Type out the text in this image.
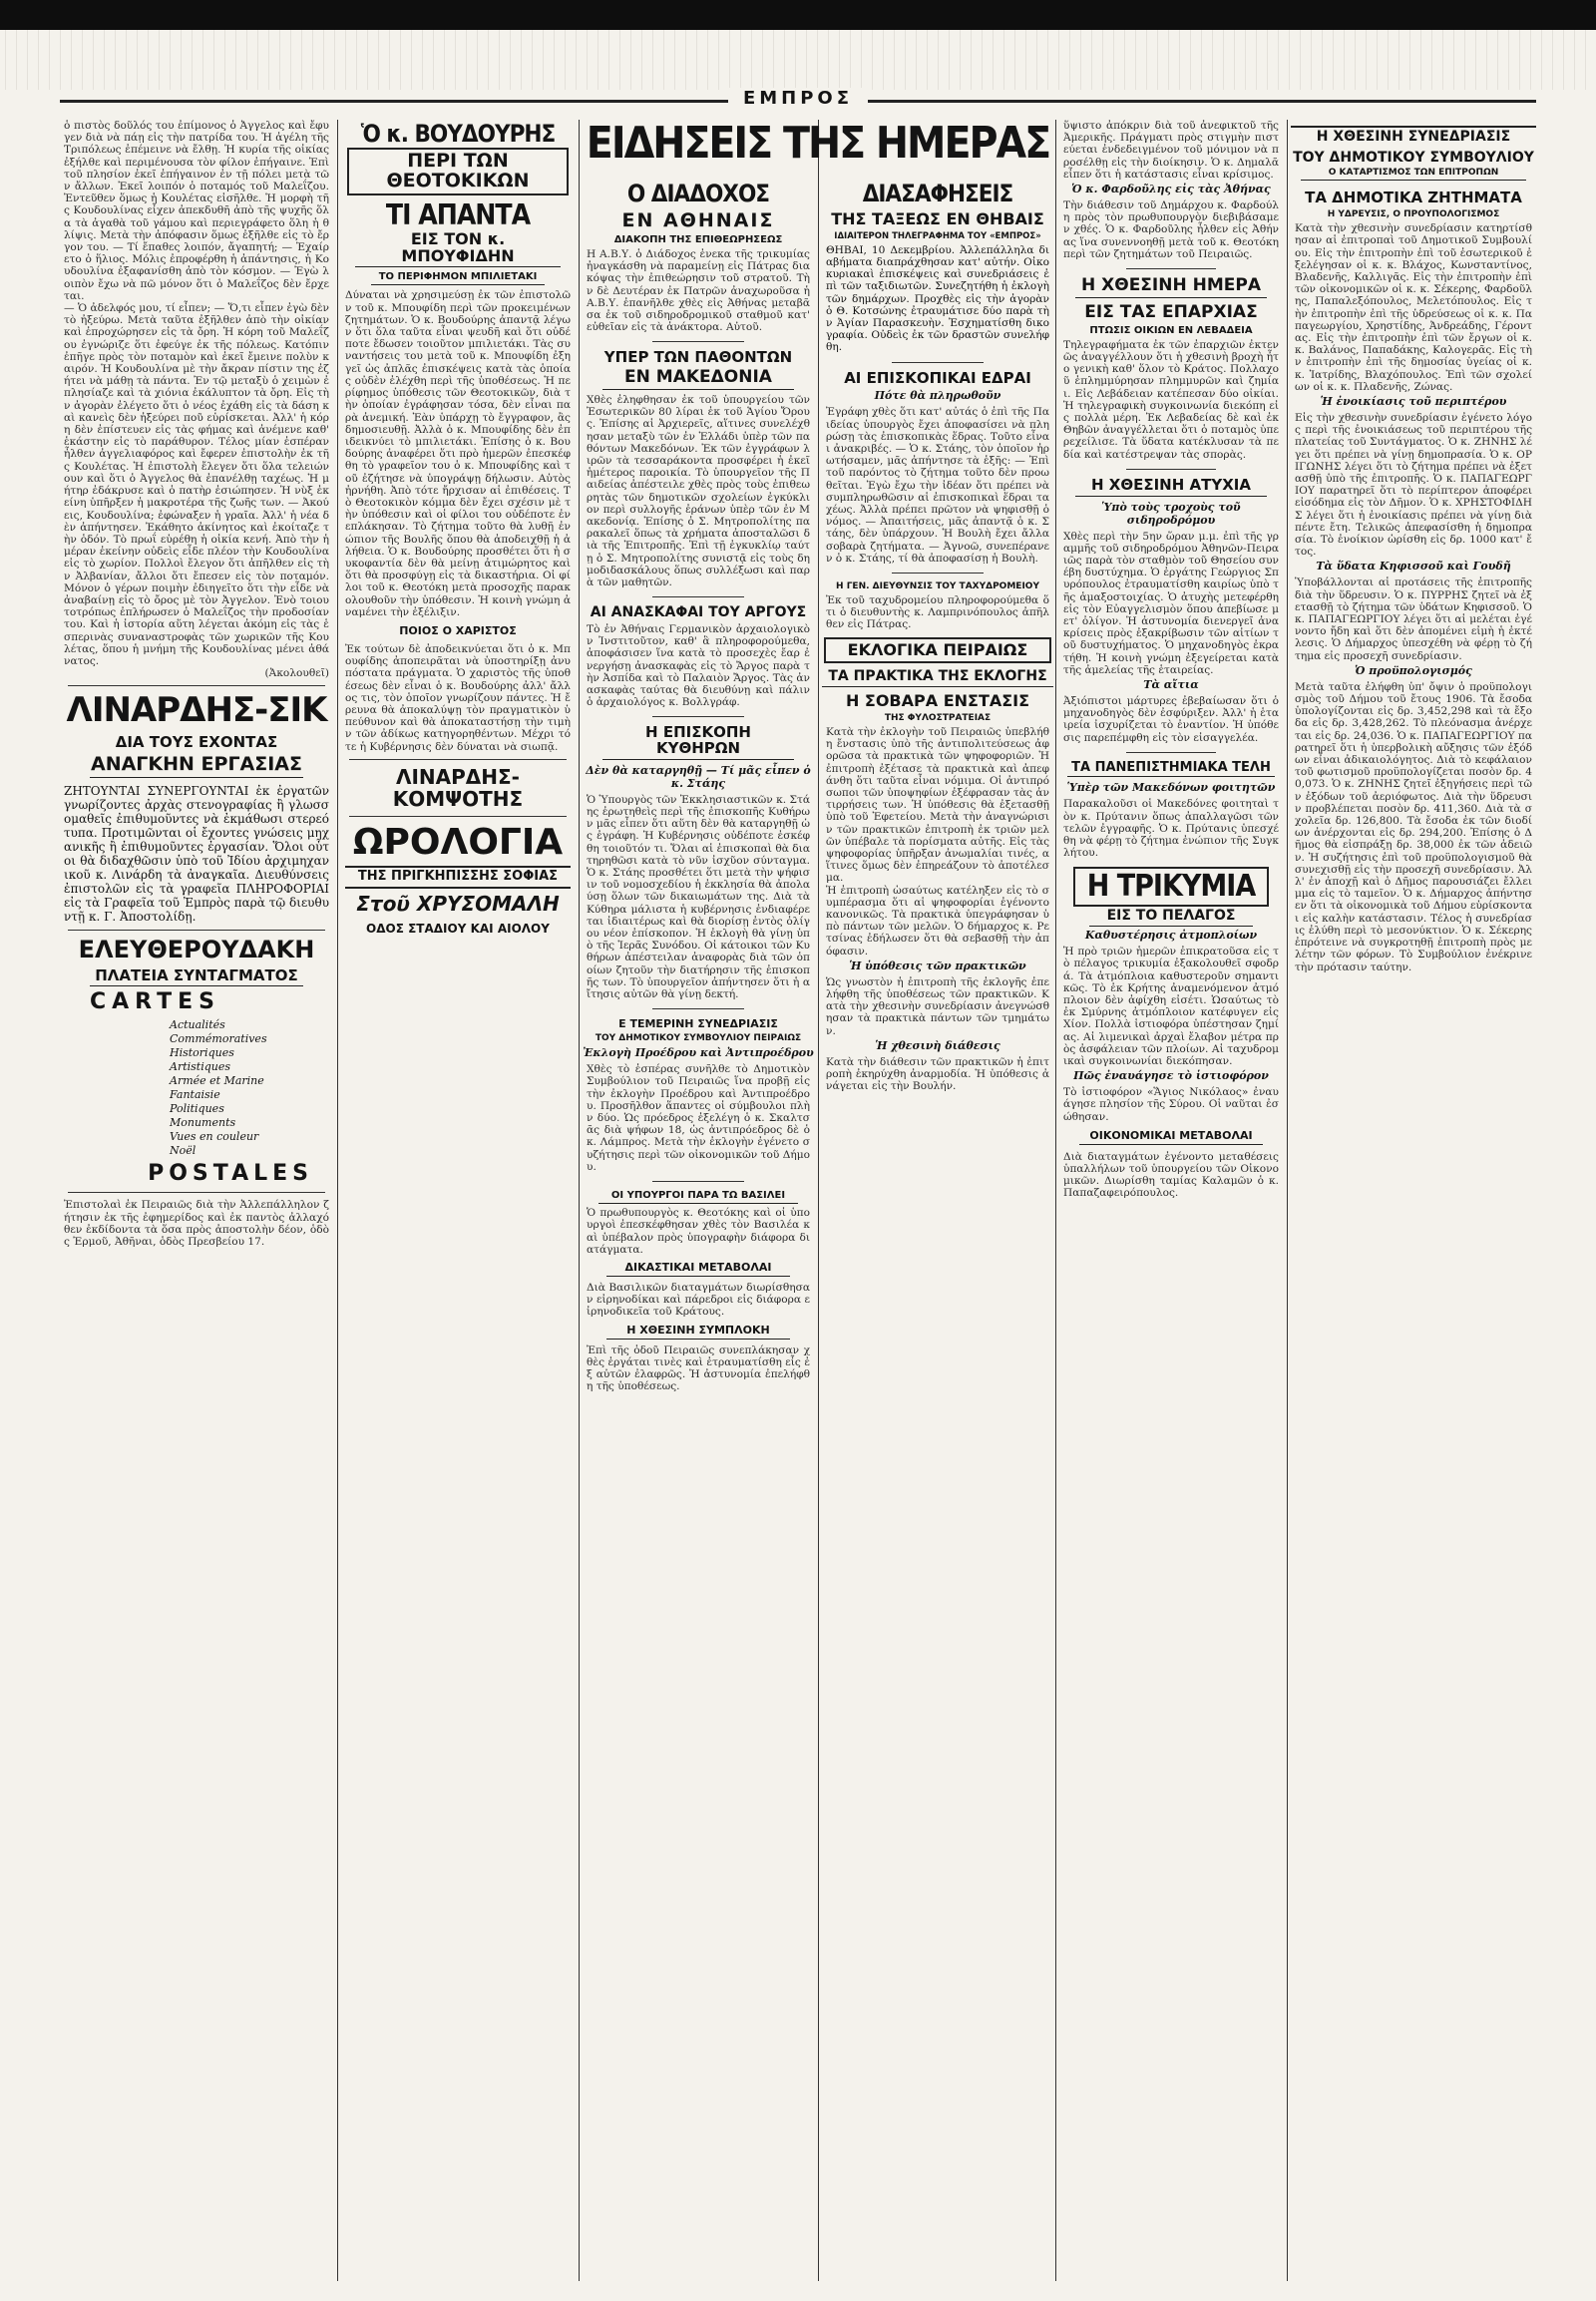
ΕΜΠΡΟΣ

ὁ πιστὸς δοῦλός του ἐπίμονος ὁ Ἀγγελος καὶ ἔφυγεν διὰ νὰ πάῃ εἰς τὴν πατρίδα του. Ἡ ἀγέλη τῆς Τριπόλεως ἐπέμεινε νὰ ἔλθῃ. Ἡ κυρία τῆς οἰκίας ἐξήλθε καὶ περιμένουσα τὸν φίλον ἐπήγαινε. Ἐπὶ τοῦ πλησίον ἐκεῖ ἐπήγαινον ἐν τῇ πόλει μετὰ τῶν ἄλλων. Ἐκεῖ λοιπόν ὁ ποταμός τοῦ Μαλεΐζου. Ἐντεῦθεν ὅμως ἡ Κουλέτας εἰσῆλθε. Ἡ μορφὴ τῆς Κουδουλίνας εἶχεν ἀπεκδυθῆ ἀπὸ τῆς ψυχῆς ὅλα τὰ ἀγαθὰ τοῦ γάμου καὶ περιεγράφετο ὅλη ἡ θλίψις. Μετὰ τὴν ἀπόφασιν ὅμως ἐξῆλθε εἰς τὸ ἔργον του. — Τί ἔπαθες λοιπόν, ἄγαπητή; — Ἐχαίρετο ὁ ἥλιος. Μόλις ἐπροφέρθη ἡ ἀπάντησις, ἡ Κουδουλίνα ἐξαφανίσθη ἀπὸ τὸν κόσμον. — Ἐγὼ λοιπὸν ἔχω νὰ πῶ μόνον ὅτι ὁ Μαλεΐζος δὲν ἔρχεται.

— Ὁ ἀδελφός μου, τί εἶπεν; — Ὅ,τι εἶπεν ἐγὼ δὲν τὸ ἠξεύρω. Μετὰ ταῦτα ἐξῆλθεν ἀπὸ τὴν οἰκίαν καὶ ἐπροχώρησεν εἰς τὰ ὄρη. Ἡ κόρη τοῦ Μαλεΐζου ἐγνώριζε ὅτι ἐφεύγε ἐκ τῆς πόλεως. Κατόπιν ἐπῆγε πρὸς τὸν ποταμὸν καὶ ἐκεῖ ἔμεινε πολὺν καιρόν. Ἡ Κουδουλίνα μὲ τὴν ἄκραν πίστιν της ἐζήτει νὰ μάθῃ τὰ πάντα. Ἐν τῷ μεταξὺ ὁ χειμὼν ἐπλησίαζε καὶ τὰ χιόνια ἐκάλυπτον τὰ ὄρη. Εἰς τὴν ἀγορὰν ἐλέγετο ὅτι ὁ νέος ἐχάθη εἰς τὰ δάση καὶ κανεὶς δὲν ἠξεύρει ποῦ εὑρίσκεται. Ἀλλ' ἡ κόρη δὲν ἐπίστευεν εἰς τὰς φήμας καὶ ἀνέμενε καθ' ἑκάστην εἰς τὸ παράθυρον. Τέλος μίαν ἑσπέραν ἦλθεν ἀγγελιαφόρος καὶ ἔφερεν ἐπιστολὴν ἐκ τῆς Κουλέτας. Ἡ ἐπιστολὴ ἔλεγεν ὅτι ὅλα τελειώνουν καὶ ὅτι ὁ Ἀγγελος θὰ ἐπανέλθῃ ταχέως. Ἡ μήτηρ ἐδάκρυσε καὶ ὁ πατὴρ ἐσιώπησεν. Ἡ νὺξ ἐκείνη ὑπῆρξεν ἡ μακροτέρα τῆς ζωῆς των. — Ἀκούεις, Κουδουλίνα; ἐφώναξεν ἡ γραῖα. Ἀλλ' ἡ νέα δὲν ἀπήντησεν. Ἐκάθητο ἀκίνητος καὶ ἐκοίταζε τὴν ὁδόν. Τὸ πρωΐ εὑρέθη ἡ οἰκία κενή. Ἀπὸ τὴν ἡμέραν ἐκείνην οὐδεὶς εἶδε πλέον τὴν Κουδουλίνα εἰς τὸ χωρίον. Πολλοὶ ἔλεγον ὅτι ἀπῆλθεν εἰς τὴν Ἀλβανίαν, ἄλλοι ὅτι ἔπεσεν εἰς τὸν ποταμόν. Μόνον ὁ γέρων ποιμὴν ἐδιηγεῖτο ὅτι τὴν εἶδε νὰ ἀναβαίνῃ εἰς τὸ ὄρος μὲ τὸν Ἀγγελον. Ἐνὸ τοιουτοτρόπως ἐπλήρωσεν ὁ Μαλεΐζος τὴν προδοσίαν του. Καὶ ἡ ἱστορία αὕτη λέγεται ἀκόμη εἰς τὰς ἑσπερινὰς συναναστροφὰς τῶν χωρικῶν τῆς Κουλέτας, ὅπου ἡ μνήμη τῆς Κουδουλίνας μένει ἀθάνατος.

(Ἀκολουθεῖ)

ΛΙΝΑΡΔΗΣ-ΣΙΚ
ΔΙΑ ΤΟΥΣ ΕΧΟΝΤΑΣ
ΑΝΑΓΚΗΝ ΕΡΓΑΣΙΑΣ

ΖΗΤΟΥΝΤΑΙ ΣΥΝΕΡΓΟΥΝΤΑΙ ἐκ ἐργατῶν γνωρίζοντες ἀρχὰς στενογραφίας ἢ γλωσσομαθεῖς ἐπιθυμοῦντες νὰ ἐκμάθωσι στερεότυπα. Προτιμῶνται οἱ ἔχοντες γνώσεις μηχανικῆς ἢ ἐπιθυμοῦντες ἐργασίαν. Ὅλοι οὗτοι θὰ διδαχθῶσιν ὑπὸ τοῦ Ἰδίου ἀρχιμηχανικοῦ κ. Λινάρδη τὰ ἀναγκαῖα. Διευθύνσεις ἐπιστολῶν εἰς τὰ γραφεῖα ΠΛΗΡΟΦΟΡΙΑΙ εἰς τὰ Γραφεῖα τοῦ Ἐμπρὸς παρὰ τῷ διευθυντῇ κ. Γ. Ἀποστολίδῃ.

ΕΛΕΥΘΕΡΟΥΔΑΚΗ
ΠΛΑΤΕΙΑ ΣΥΝΤΑΓΜΑΤΟΣ
CARTES
Actualités
Commémoratives
Historiques
Artistiques
Armée et Marine
Fantaisie
Politiques
Monuments
Vues en couleur
Noël
POSTALES

Ἐπιστολαὶ ἐκ Πειραιῶς διὰ τὴν Ἀλλεπάλληλον ζήτησιν ἐκ τῆς ἐφημερίδος καὶ ἐκ παντὸς ἀλλαχόθεν ἐκδίδοντα τὰ ὅσα πρὸς ἀποστολὴν δέον, ὁδὸς Ἐρμοῦ, Ἀθῆναι, ὁδὸς Πρεσβείου 17.

Ὁ κ. ΒΟΥΔΟΥΡΗΣ
ΠΕΡΙ ΤΩΝ ΘΕΟΤΟΚΙΚΩΝ
ΤΙ ΑΠΑΝΤΑ
ΕΙΣ ΤΟΝ κ. ΜΠΟΥΦΙΔΗΝ
ΤΟ ΠΕΡΙΦΗΜΟΝ ΜΠΙΛΙΕΤΑΚΙ

Δύναται νὰ χρησιμεύσῃ ἐκ τῶν ἐπιστολῶν τοῦ κ. Μπουφίδη περὶ τῶν προκειμένων ζητημάτων. Ὁ κ. Βουδούρης ἀπαντᾷ λέγων ὅτι ὅλα ταῦτα εἶναι ψευδῆ καὶ ὅτι οὐδέποτε ἔδωσεν τοιοῦτον μπιλιετάκι. Τὰς συναντήσεις του μετὰ τοῦ κ. Μπουφίδη ἐξηγεῖ ὡς ἀπλᾶς ἐπισκέψεις κατὰ τὰς ὁποίας οὐδὲν ἐλέχθη περὶ τῆς ὑποθέσεως. Ἡ περίφημος ὑπόθεσις τῶν Θεοτοκικῶν, διὰ τὴν ὁποίαν ἐγράφησαν τόσα, δὲν εἶναι παρὰ ἀνεμική. Ἐὰν ὑπάρχῃ τὸ ἔγγραφον, ἂς δημοσιευθῇ. Ἀλλὰ ὁ κ. Μπουφίδης δὲν ἐπιδεικνύει τὸ μπιλιετάκι. Ἐπίσης ὁ κ. Βουδούρης ἀναφέρει ὅτι πρὸ ἡμερῶν ἐπεσκέφθη τὸ γραφεῖον του ὁ κ. Μπουφίδης καὶ τοῦ ἐζήτησε νὰ ὑπογράψῃ δήλωσιν. Αὐτὸς ἠρνήθη. Ἀπὸ τότε ἤρχισαν αἱ ἐπιθέσεις. Τὸ Θεοτοκικὸν κόμμα δὲν ἔχει σχέσιν μὲ τὴν ὑπόθεσιν καὶ οἱ φίλοι του οὐδέποτε ἐνεπλάκησαν. Τὸ ζήτημα τοῦτο θὰ λυθῇ ἐνώπιον τῆς Βουλῆς ὅπου θὰ ἀποδειχθῇ ἡ ἀλήθεια. Ὁ κ. Βουδούρης προσθέτει ὅτι ἡ συκοφαντία δὲν θὰ μείνῃ ἀτιμώρητος καὶ ὅτι θὰ προσφύγῃ εἰς τὰ δικαστήρια. Οἱ φίλοι τοῦ κ. Θεοτόκη μετὰ προσοχῆς παρακολουθοῦν τὴν ὑπόθεσιν. Ἡ κοινὴ γνώμη ἀναμένει τὴν ἐξέλιξιν.

ΠΟΙΟΣ Ο ΧΑΡΙΣΤΟΣ

Ἐκ τούτων δὲ ἀποδεικνύεται ὅτι ὁ κ. Μπουφίδης ἀποπειρᾶται νὰ ὑποστηρίξῃ ἀνυπόστατα πράγματα. Ὁ χαριστὸς τῆς ὑποθέσεως δὲν εἶναι ὁ κ. Βουδούρης ἀλλ' ἄλλος τις, τὸν ὁποῖον γνωρίζουν πάντες. Ἡ ἔρευνα θὰ ἀποκαλύψῃ τὸν πραγματικὸν ὑπεύθυνον καὶ θὰ ἀποκαταστήσῃ τὴν τιμὴν τῶν ἀδίκως κατηγορηθέντων. Μέχρι τότε ἡ Κυβέρνησις δὲν δύναται νὰ σιωπᾷ.

ΛΙΝΑΡΔΗΣ-ΚΟΜΨΟΤΗΣ
ΩΡΟΛΟΓΙΑ
ΤΗΣ ΠΡΙΓΚΗΠΙΣΣΗΣ ΣΟΦΙΑΣ
Στοῦ ΧΡΥΣΟΜΑΛΗ
ΟΔΟΣ ΣΤΑΔΙΟΥ ΚΑΙ ΑΙΟΛΟΥ
ΕΙΔΗΣΕΙΣ ΤΗΣ ΗΜΕΡΑΣ
Ο ΔΙΑΔΟΧΟΣ
ΕΝ ΑΘΗΝΑΙΣ
ΔΙΑΚΟΠΗ ΤΗΣ ΕΠΙΘΕΩΡΗΣΕΩΣ

Η Α.Β.Υ. ὁ Διάδοχος ἐνεκα τῆς τρικυμίας ἠναγκάσθη νὰ παραμείνῃ εἰς Πάτρας διακόψας τὴν ἐπιθεώρησιν τοῦ στρατοῦ. Τὴν δὲ Δευτέραν ἐκ Πατρῶν ἀναχωροῦσα ἡ Α.Β.Υ. ἐπανῆλθε χθὲς εἰς Ἀθήνας μεταβᾶσα ἐκ τοῦ σιδηροδρομικοῦ σταθμοῦ κατ' εὐθεῖαν εἰς τὰ ἀνάκτορα. Αὐτοῦ.

ΥΠΕΡ ΤΩΝ ΠΑΘΟΝΤΩΝ
ΕΝ ΜΑΚΕΔΟΝΙΑ

Χθὲς ἐληφθησαν ἐκ τοῦ ὑπουργείου τῶν Ἐσωτερικῶν 80 λίραι ἐκ τοῦ Ἁγίου Ὄρους. Ἐπίσης αἱ Ἀρχιερεῖς, αἵτινες συνελέχθησαν μεταξὺ τῶν ἐν Ἑλλάδι ὑπὲρ τῶν παθόντων Μακεδόνων. Ἐκ τῶν ἐγγράφων λιρῶν τὰ τεσσαράκοντα προσφέρει ἡ ἐκεῖ ἡμέτερος παροικία. Τὸ ὑπουργεῖον τῆς Παιδείας ἀπέστειλε χθὲς πρὸς τοὺς ἐπιθεωρητὰς τῶν δημοτικῶν σχολείων ἐγκύκλιον περὶ συλλογῆς ἐράνων ὑπὲρ τῶν ἐν Μακεδονίᾳ. Ἐπίσης ὁ Σ. Μητροπολίτης παρακαλεῖ ὅπως τὰ χρήματα ἀποσταλῶσι διὰ τῆς Ἐπιτροπῆς. Ἐπὶ τῇ ἐγκυκλίῳ ταύτῃ ὁ Σ. Μητροπολίτης συνιστᾷ εἰς τοὺς δημοδιδασκάλους ὅπως συλλέξωσι καὶ παρὰ τῶν μαθητῶν.

ΑΙ ΑΝΑΣΚΑΦΑΙ ΤΟΥ ΑΡΓΟΥΣ

Τὸ ἐν Ἀθήναις Γερμανικὸν ἀρχαιολογικὸν Ἰνστιτοῦτον, καθ' ἃ πληροφορούμεθα, ἀποφάσισεν ἵνα κατὰ τὸ προσεχὲς ἔαρ ἐνεργήσῃ ἀνασκαφὰς εἰς τὸ Ἄργος παρὰ τὴν Ἀσπίδα καὶ τὸ Παλαιὸν Ἄργος. Τὰς ἀνασκαφὰς ταύτας θὰ διευθύνῃ καὶ πάλιν ὁ ἀρχαιολόγος κ. Βολλγράφ.

Η ΕΠΙΣΚΟΠΗ ΚΥΘΗΡΩΝ
Δὲν θὰ καταργηθῇ — Τί μᾶς εἶπεν ὁ κ. Στάης

Ὁ Ὑπουργὸς τῶν Ἐκκλησιαστικῶν κ. Στάης ἐρωτηθεὶς περὶ τῆς ἐπισκοπῆς Κυθήρων μᾶς εἶπεν ὅτι αὕτη δὲν θὰ καταργηθῇ ὡς ἐγράφη. Ἡ Κυβέρνησις οὐδέποτε ἐσκέφθη τοιοῦτόν τι. Ὅλαι αἱ ἐπισκοπαὶ θὰ διατηρηθῶσι κατὰ τὸ νῦν ἰσχῦον σύνταγμα. Ὁ κ. Στάης προσθέτει ὅτι μετὰ τὴν ψήφισιν τοῦ νομοσχεδίου ἡ ἐκκλησία θὰ ἀπολαύσῃ ὅλων τῶν δικαιωμάτων της. Διὰ τὰ Κύθηρα μάλιστα ἡ κυβέρνησις ἐνδιαφέρεται ἰδιαιτέρως καὶ θὰ διορίσῃ ἐντὸς ὀλίγου νέον ἐπίσκοπον. Ἡ ἐκλογὴ θὰ γίνῃ ὑπὸ τῆς Ἱερᾶς Συνόδου. Οἱ κάτοικοι τῶν Κυθήρων ἀπέστειλαν ἀναφορὰς διὰ τῶν ὁποίων ζητοῦν τὴν διατήρησιν τῆς ἐπισκοπῆς των. Τὸ ὑπουργεῖον ἀπήντησεν ὅτι ἡ αἴτησις αὐτῶν θὰ γίνῃ δεκτή.

Ε ΤΕΜΕΡΙΝΗ ΣΥΝΕΔΡΙΑΣΙΣ
ΤΟΥ ΔΗΜΟΤΙΚΟΥ ΣΥΜΒΟΥΛΙΟΥ ΠΕΙΡΑΙΩΣ
Ἐκλογὴ Προέδρου καὶ Ἀντιπροέδρου

Χθὲς τὸ ἑσπέρας συνῆλθε τὸ Δημοτικὸν Συμβούλιον τοῦ Πειραιῶς ἵνα προβῇ εἰς τὴν ἐκλογὴν Προέδρου καὶ Ἀντιπροέδρου. Προσῆλθον ἅπαντες οἱ σύμβουλοι πλὴν δύο. Ὡς πρόεδρος ἐξελέγη ὁ κ. Σκαλτσᾶς διὰ ψήφων 18, ὡς ἀντιπρόεδρος δὲ ὁ κ. Λάμπρος. Μετὰ τὴν ἐκλογὴν ἐγένετο συζήτησις περὶ τῶν οἰκονομικῶν τοῦ Δήμου.

ΟΙ ΥΠΟΥΡΓΟΙ ΠΑΡΑ ΤΩ ΒΑΣΙΛΕΙ

Ὁ πρωθυπουργὸς κ. Θεοτόκης καὶ οἱ ὑπουργοὶ ἐπεσκέφθησαν χθὲς τὸν Βασιλέα καὶ ὑπέβαλον πρὸς ὑπογραφὴν διάφορα διατάγματα.

ΔΙΚΑΣΤΙΚΑΙ ΜΕΤΑΒΟΛΑΙ

Διὰ Βασιλικῶν διαταγμάτων διωρίσθησαν εἰρηνοδίκαι καὶ πάρεδροι εἰς διάφορα εἰρηνοδικεῖα τοῦ Κράτους.

Η ΧΘΕΣΙΝΗ ΣΥΜΠΛΟΚΗ

Ἐπὶ τῆς ὁδοῦ Πειραιῶς συνεπλάκησαν χθὲς ἐργάται τινὲς καὶ ἐτραυματίσθη εἷς ἐξ αὐτῶν ἐλαφρῶς. Ἡ ἀστυνομία ἐπελήφθη τῆς ὑποθέσεως.

ΔΙΑΣΑΦΗΣΕΙΣ
ΤΗΣ ΤΑΞΕΩΣ ΕΝ ΘΗΒΑΙΣ
ΙΔΙΑΙΤΕΡΟΝ ΤΗΛΕΓΡΑΦΗΜΑ ΤΟΥ «ΕΜΠΡΟΣ»

ΘΗΒΑΙ, 10 Δεκεμβρίου. Ἀλλεπάλληλα διαβήματα διαπράχθησαν κατ' αὐτήν. Οἰκοκυριακαὶ ἐπισκέψεις καὶ συνεδριάσεις ἐπὶ τῶν ταξιδιωτῶν. Συνεζητήθη ἡ ἐκλογὴ τῶν δημάρχων. Προχθὲς εἰς τὴν ἀγορὰν ὁ Θ. Κοτσώνης ἐτραυμάτισε δύο παρὰ τὴν Ἀγίαν Παρασκευὴν. Ἐσχηματίσθη δικογραφία. Οὐδεὶς ἐκ τῶν δραστῶν συνελήφθη.

ΑΙ ΕΠΙΣΚΟΠΙΚΑΙ ΕΔΡΑΙ
Πότε θὰ πληρωθοῦν

Ἐγράφη χθὲς ὅτι κατ' αὐτάς ὁ ἐπὶ τῆς Παιδείας ὑπουργὸς ἔχει ἀποφασίσει νὰ πληρώσῃ τὰς ἐπισκοπικὰς ἕδρας. Τοῦτο εἶναι ἀνακριβές. — Ὁ κ. Στάης, τὸν ὁποῖον ἠρωτήσαμεν, μᾶς ἀπήντησε τὰ ἑξῆς: — Ἐπὶ τοῦ παρόντος τὸ ζήτημα τοῦτο δὲν προωθεῖται. Ἐγὼ ἔχω τὴν ἰδέαν ὅτι πρέπει νὰ συμπληρωθῶσιν αἱ ἐπισκοπικαὶ ἕδραι ταχέως. Ἀλλὰ πρέπει πρῶτον νὰ ψηφισθῇ ὁ νόμος. — Ἀπαιτήσεις, μᾶς ἀπαντᾷ ὁ κ. Στάης, δὲν ὑπάρχουν. Ἡ Βουλὴ ἔχει ἄλλα σοβαρὰ ζητήματα. — Ἀγνοῶ, συνεπέρανεν ὁ κ. Στάης, τί θὰ ἀποφασίσῃ ἡ Βουλὴ.

Η ΓΕΝ. ΔΙΕΥΘΥΝΣΙΣ ΤΟΥ ΤΑΧΥΔΡΟΜΕΙΟΥ

Ἐκ τοῦ ταχυδρομείου πληροφορούμεθα ὅτι ὁ διευθυντὴς κ. Λαμπρινόπουλος ἀπῆλθεν εἰς Πάτρας.

ΕΚΛΟΓΙΚΑ ΠΕΙΡΑΙΩΣ
ΤΑ ΠΡΑΚΤΙΚΑ ΤΗΣ ΕΚΛΟΓΗΣ
Η ΣΟΒΑΡΑ ΕΝΣΤΑΣΙΣ
ΤΗΣ ΦΥΛΟΣΤΡΑΤΕΙΑΣ

Κατὰ τὴν ἐκλογὴν τοῦ Πειραιῶς ὑπεβλήθη ἔνστασις ὑπὸ τῆς ἀντιπολιτεύσεως ἀφορῶσα τὰ πρακτικὰ τῶν ψηφοφοριῶν. Ἡ ἐπιτροπὴ ἐξέτασε τὰ πρακτικὰ καὶ ἀπεφάνθη ὅτι ταῦτα εἶναι νόμιμα. Οἱ ἀντιπρόσωποι τῶν ὑποψηφίων ἐξέφρασαν τὰς ἀντιρρήσεις των. Ἡ ὑπόθεσις θὰ ἐξετασθῇ ὑπὸ τοῦ Ἐφετείου. Μετὰ τὴν ἀναγνώρισιν τῶν πρακτικῶν ἐπιτροπὴ ἐκ τριῶν μελῶν ὑπέβαλε τὰ πορίσματα αὐτῆς. Εἰς τὰς ψηφοφορίας ὑπῆρξαν ἀνωμαλίαι τινές, αἵτινες ὅμως δὲν ἐπηρεάζουν τὸ ἀποτέλεσμα.

Ἡ ἐπιτροπὴ ὡσαύτως κατέληξεν εἰς τὸ συμπέρασμα ὅτι αἱ ψηφοφορίαι ἐγένοντο κανονικῶς. Τὰ πρακτικὰ ὑπεγράφησαν ὑπὸ πάντων τῶν μελῶν. Ὁ δήμαρχος κ. Ρετσίνας ἐδήλωσεν ὅτι θὰ σεβασθῇ τὴν ἀπόφασιν.

Ἡ ὑπόθεσις τῶν πρακτικῶν

Ὡς γνωστὸν ἡ ἐπιτροπὴ τῆς ἐκλογῆς ἐπελήφθη τῆς ὑποθέσεως τῶν πρακτικῶν. Κατὰ τὴν χθεσινὴν συνεδρίασιν ἀνεγνώσθησαν τὰ πρακτικὰ πάντων τῶν τμημάτων.

Ἡ χθεσινὴ διάθεσις

Κατὰ τὴν διάθεσιν τῶν πρακτικῶν ἡ ἐπιτροπὴ ἐκηρύχθη ἀναρμοδία. Ἡ ὑπόθεσις ἀνάγεται εἰς τὴν Βουλήν.

ὕψιστο ἀπόκριν διὰ τοῦ ἀνεφικτοῦ τῆς Ἀμερικῆς. Πράγματι πρὸς στιγμὴν πιστεύεται ἐνδεδειγμένον τοῦ μόνιμον νὰ προσέλθῃ εἰς τὴν διοίκησιν. Ὁ κ. Δημαλᾶ εἶπεν ὅτι ἡ κατάστασις εἶναι κρίσιμος.

Ὁ κ. Φαρδοῦλης εἰς τὰς Ἀθήνας

Τὴν διάθεσιν τοῦ Δημάρχου κ. Φαρδούλη πρὸς τὸν πρωθυπουργὸν διεβιβάσαμεν χθές. Ὁ κ. Φαρδοῦλης ἦλθεν εἰς Ἀθήνας ἵνα συνεννοηθῇ μετὰ τοῦ κ. Θεοτόκη περὶ τῶν ζητημάτων τοῦ Πειραιῶς.

Η ΧΘΕΣΙΝΗ ΗΜΕΡΑ
ΕΙΣ ΤΑΣ ΕΠΑΡΧΙΑΣ
ΠΤΩΣΙΣ ΟΙΚΙΩΝ ΕΝ ΛΕΒΑΔΕΙΑ

Τηλεγραφήματα ἐκ τῶν ἐπαρχιῶν ἐκτενῶς ἀναγγέλλουν ὅτι ἡ χθεσινὴ βροχὴ ἦτο γενικὴ καθ' ὅλον τὸ Κράτος. Πολλαχοῦ ἐπλημμύρησαν πλημμυρῶν καὶ ζημίαι. Εἰς Λεβάδειαν κατέπεσαν δύο οἰκίαι. Ἡ τηλεγραφικὴ συγκοινωνία διεκόπη εἰς πολλὰ μέρη. Ἐκ Λεβαδείας δὲ καὶ ἐκ Θηβῶν ἀναγγέλλεται ὅτι ὁ ποταμὸς ὑπερεχείλισε. Τὰ ὕδατα κατέκλυσαν τὰ πεδία καὶ κατέστρεψαν τὰς σπορὰς.

Η ΧΘΕΣΙΝΗ ΑΤΥΧΙΑ
Ὑπὸ τοὺς τροχοὺς τοῦ σιδηροδρόμου

Χθὲς περὶ τὴν 5ην ὥραν μ.μ. ἐπὶ τῆς γραμμῆς τοῦ σιδηροδρόμου Ἀθηνῶν-Πειραιῶς παρὰ τὸν σταθμὸν τοῦ Θησείου συνέβη δυστύχημα. Ὁ ἐργάτης Γεώργιος Σπυρόπουλος ἐτραυματίσθη καιρίως ὑπὸ τῆς ἁμαξοστοιχίας. Ὁ ἀτυχὴς μετεφέρθη εἰς τὸν Εὐαγγελισμὸν ὅπου ἀπεβίωσε μετ' ὀλίγον. Ἡ ἀστυνομία διενεργεῖ ἀνακρίσεις πρὸς ἐξακρίβωσιν τῶν αἰτίων τοῦ δυστυχήματος. Ὁ μηχανοδηγὸς ἐκρατήθη. Ἡ κοινὴ γνώμη ἐξεγείρεται κατὰ τῆς ἀμελείας τῆς ἑταιρείας.

Τὰ αἴτια

Ἀξιόπιστοι μάρτυρες ἐβεβαίωσαν ὅτι ὁ μηχανοδηγὸς δὲν ἐσφύριξεν. Ἀλλ' ἡ ἑταιρεία ἰσχυρίζεται τὸ ἐναντίον. Ἡ ὑπόθεσις παρεπέμφθη εἰς τὸν εἰσαγγελέα.

ΤΑ ΠΑΝΕΠΙΣΤΗΜΙΑΚΑ ΤΕΛΗ
Ὑπὲρ τῶν Μακεδόνων φοιτητῶν

Παρακαλοῦσι οἱ Μακεδόνες φοιτηταὶ τὸν κ. Πρύτανιν ὅπως ἀπαλλαγῶσι τῶν τελῶν ἐγγραφῆς. Ὁ κ. Πρύτανις ὑπεσχέθη νὰ φέρῃ τὸ ζήτημα ἐνώπιον τῆς Συγκλήτου.

Η ΤΡΙΚΥΜΙΑ
ΕΙΣ ΤΟ ΠΕΛΑΓΟΣ
Καθυστέρησις ἀτμοπλοίων

Ἡ πρὸ τριῶν ἡμερῶν ἐπικρατοῦσα εἰς τὸ πέλαγος τρικυμία ἐξακολουθεῖ σφοδρά. Τὰ ἀτμόπλοια καθυστεροῦν σημαντικῶς. Τὸ ἐκ Κρήτης ἀναμενόμενον ἀτμόπλοιον δὲν ἀφίχθη εἰσέτι. Ὡσαύτως τὸ ἐκ Σμύρνης ἀτμόπλοιον κατέφυγεν εἰς Χίον. Πολλὰ ἱστιοφόρα ὑπέστησαν ζημίας. Αἱ λιμενικαὶ ἀρχαὶ ἔλαβον μέτρα πρὸς ἀσφάλειαν τῶν πλοίων. Αἱ ταχυδρομικαὶ συγκοινωνίαι διεκόπησαν.

Πῶς ἐναυάγησε τὸ ἱστιοφόρον

Τὸ ἱστιοφόρον «Ἅγιος Νικόλαος» ἐναυάγησε πλησίον τῆς Σύρου. Οἱ ναῦται ἐσώθησαν.

ΟΙΚΟΝΟΜΙΚΑΙ ΜΕΤΑΒΟΛΑΙ

Διὰ διαταγμάτων ἐγένοντο μεταθέσεις ὑπαλλήλων τοῦ ὑπουργείου τῶν Οἰκονομικῶν. Διωρίσθη ταμίας Καλαμῶν ὁ κ. Παπαζαφειρόπουλος.

Η ΧΘΕΣΙΝΗ ΣΥΝΕΔΡΙΑΣΙΣ
ΤΟΥ ΔΗΜΟΤΙΚΟΥ ΣΥΜΒΟΥΛΙΟΥ
Ο ΚΑΤΑΡΤΙΣΜΟΣ ΤΩΝ ΕΠΙΤΡΟΠΩΝ
ΤΑ ΔΗΜΟΤΙΚΑ ΖΗΤΗΜΑΤΑ
Η ΥΔΡΕΥΣΙΣ, Ο ΠΡΟΥΠΟΛΟΓΙΣΜΟΣ

Κατὰ τὴν χθεσινὴν συνεδρίασιν κατηρτίσθησαν αἱ ἐπιτροπαὶ τοῦ Δημοτικοῦ Συμβουλίου. Εἰς τὴν ἐπιτροπὴν ἐπὶ τοῦ ἐσωτερικοῦ ἐξελέγησαν οἱ κ. κ. Βλάχος, Κωνσταντίνος, Βλαδενῆς, Καλλιγᾶς. Εἰς τὴν ἐπιτροπὴν ἐπὶ τῶν οἰκονομικῶν οἱ κ. κ. Σέκερης, Φαρδοῦλης, Παπαλεξόπουλος, Μελετόπουλος. Εἰς τὴν ἐπιτροπὴν ἐπὶ τῆς ὑδρεύσεως οἱ κ. κ. Παπαγεωργίου, Χρηστίδης, Ἀνδρεάδης, Γέροντας. Εἰς τὴν ἐπιτροπὴν ἐπὶ τῶν ἔργων οἱ κ. κ. Βαλάνος, Παπαδάκης, Καλογερᾶς. Εἰς τὴν ἐπιτροπὴν ἐπὶ τῆς δημοσίας ὑγείας οἱ κ. κ. Ἰατρίδης, Βλαχόπουλος. Ἐπὶ τῶν σχολείων οἱ κ. κ. Πλαδενῆς, Ζώνας.

Ἡ ἐνοικίασις τοῦ περιπτέρου

Εἰς τὴν χθεσινὴν συνεδρίασιν ἐγένετο λόγος περὶ τῆς ἐνοικιάσεως τοῦ περιπτέρου τῆς πλατείας τοῦ Συντάγματος. Ὁ κ. ΖΗΝΗΣ λέγει ὅτι πρέπει νὰ γίνῃ δημοπρασία. Ὁ κ. ΟΡΙΓΩΝΗΣ λέγει ὅτι τὸ ζήτημα πρέπει νὰ ἐξετασθῇ ὑπὸ τῆς ἐπιτροπῆς. Ὁ κ. ΠΑΠΑΓΕΩΡΓΙΟΥ παρατηρεῖ ὅτι τὸ περίπτερον ἀποφέρει εἰσόδημα εἰς τὸν Δῆμον. Ὁ κ. ΧΡΗΣΤΟΦΙΔΗΣ λέγει ὅτι ἡ ἐνοικίασις πρέπει νὰ γίνῃ διὰ πέντε ἔτη. Τελικῶς ἀπεφασίσθη ἡ δημοπρασία. Τὸ ἐνοίκιον ὡρίσθη εἰς δρ. 1000 κατ' ἔτος.

Τὰ ὕδατα Κηφισσοῦ καὶ Γουδῆ

Ὑποβάλλονται αἱ προτάσεις τῆς ἐπιτροπῆς διὰ τὴν ὕδρευσιν. Ὁ κ. ΠΥΡΡΗΣ ζητεῖ νὰ ἐξετασθῇ τὸ ζήτημα τῶν ὑδάτων Κηφισσοῦ. Ὁ κ. ΠΑΠΑΓΕΩΡΓΙΟΥ λέγει ὅτι αἱ μελέται ἐγένοντο ἤδη καὶ ὅτι δὲν ἀπομένει εἰμὴ ἡ ἐκτέλεσις. Ὁ Δήμαρχος ὑπεσχέθη νὰ φέρῃ τὸ ζήτημα εἰς προσεχῆ συνεδρίασιν.

Ὁ προϋπολογισμός

Μετὰ ταῦτα ἐλήφθη ὑπ' ὄψιν ὁ προϋπολογισμὸς τοῦ Δήμου τοῦ ἔτους 1906. Τὰ ἔσοδα ὑπολογίζονται εἰς δρ. 3,452,298 καὶ τὰ ἔξοδα εἰς δρ. 3,428,262. Τὸ πλεόνασμα ἀνέρχεται εἰς δρ. 24,036. Ὁ κ. ΠΑΠΑΓΕΩΡΓΙΟΥ παρατηρεῖ ὅτι ἡ ὑπερβολικὴ αὔξησις τῶν ἐξόδων εἶναι ἀδικαιολόγητος. Διὰ τὸ κεφάλαιον τοῦ φωτισμοῦ προϋπολογίζεται ποσὸν δρ. 40,073. Ὁ κ. ΖΗΝΗΣ ζητεῖ ἐξηγήσεις περὶ τῶν ἐξόδων τοῦ ἀεριόφωτος. Διὰ τὴν ὕδρευσιν προβλέπεται ποσὸν δρ. 411,360. Διὰ τὰ σχολεῖα δρ. 126,800. Τὰ ἔσοδα ἐκ τῶν διοδίων ἀνέρχονται εἰς δρ. 294,200. Ἐπίσης ὁ Δῆμος θὰ εἰσπράξῃ δρ. 38,000 ἐκ τῶν ἀδειῶν. Ἡ συζήτησις ἐπὶ τοῦ προϋπολογισμοῦ θὰ συνεχισθῇ εἰς τὴν προσεχῆ συνεδρίασιν. Ἀλλ' ἐν ἀποχῇ καὶ ὁ Δῆμος παρουσιάζει ἔλλειμμα εἰς τὸ ταμεῖον. Ὁ κ. Δήμαρχος ἀπήντησεν ὅτι τὰ οἰκονομικὰ τοῦ Δήμου εὑρίσκονται εἰς καλὴν κατάστασιν. Τέλος ἡ συνεδρίασις ἐλύθη περὶ τὸ μεσονύκτιον. Ὁ κ. Σέκερης ἐπρότεινε νὰ συγκροτηθῇ ἐπιτροπὴ πρὸς μελέτην τῶν φόρων. Τὸ Συμβούλιον ἐνέκρινε τὴν πρότασιν ταύτην.
